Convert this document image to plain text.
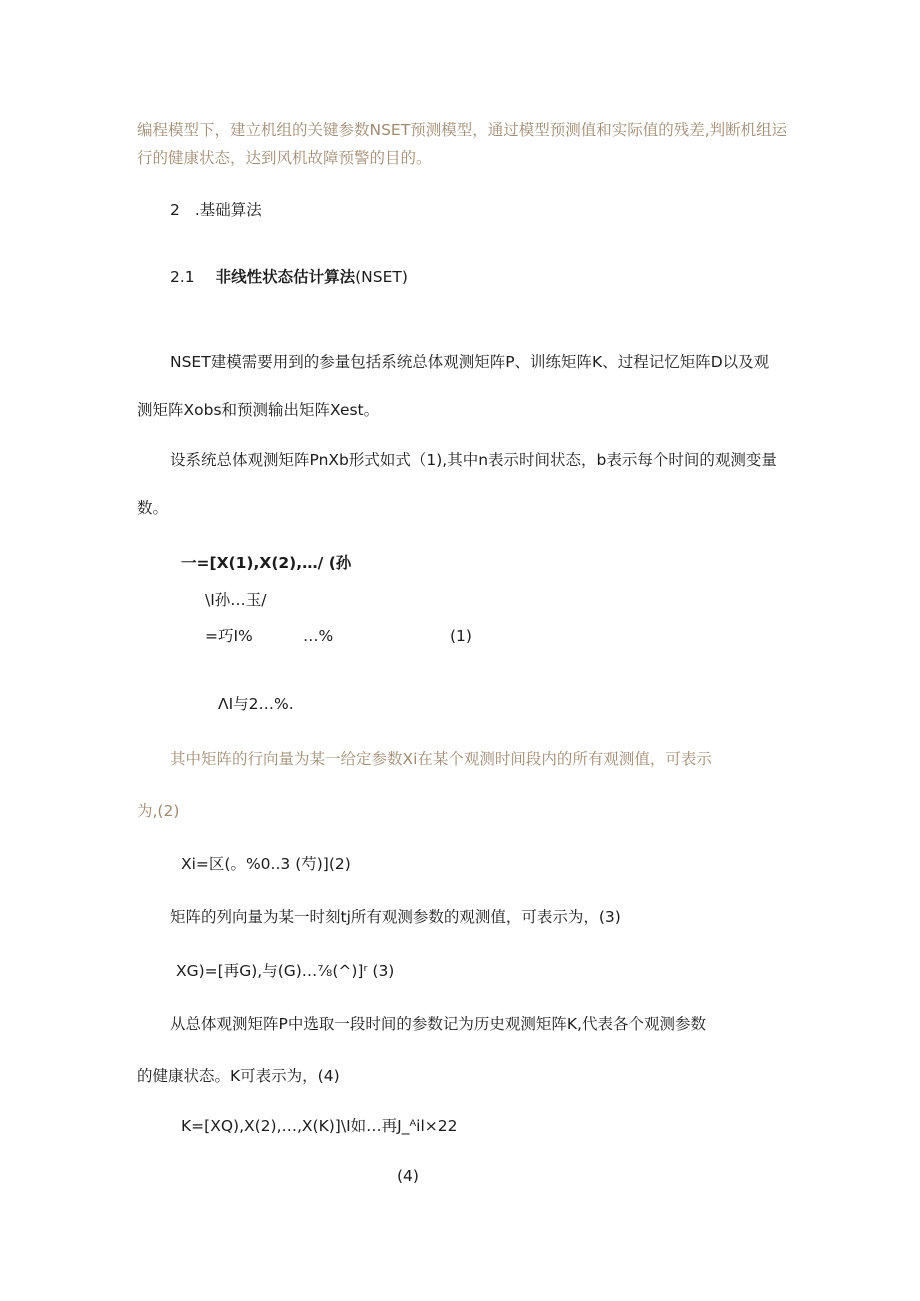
编程模型下，建立机组的关键参数NSET预测模型，通过模型预测值和实际值的残差,判断机组运
行的健康状态，达到风机故障预警的目的。
2 .基础算法
2.1 非线性状态估计算法(NSET)
NSET建模需要用到的参量包括系统总体观测矩阵P、训练矩阵K、过程记忆矩阵D以及观
测矩阵Xobs和预测输出矩阵Xest。
设系统总体观测矩阵PnXb形式如式（1),其中n表示时间状态，b表示每个时间的观测变量
数。
一=[X(1),X(2),…/ (孙
\I孙…玉/
=巧I%	…%	(1)
ΛI与2…%.
其中矩阵的行向量为某一给定参数Xi在某个观测时间段内的所有观测值，可表示
为,(2)
Xi=区(。%0..3 (芍)](2)
矩阵的列向量为某一时刻tj所有观测参数的观测值，可表示为，(3)
XG)=[再G),与(G)…⅞(^)]ʳ (3)
从总体观测矩阵P中选取一段时间的参数记为历史观测矩阵K,代表各个观测参数
的健康状态。K可表示为，(4)
K=[XQ),X(2),…,X(K)]\I如…再J_ᴬil×22
(4)
